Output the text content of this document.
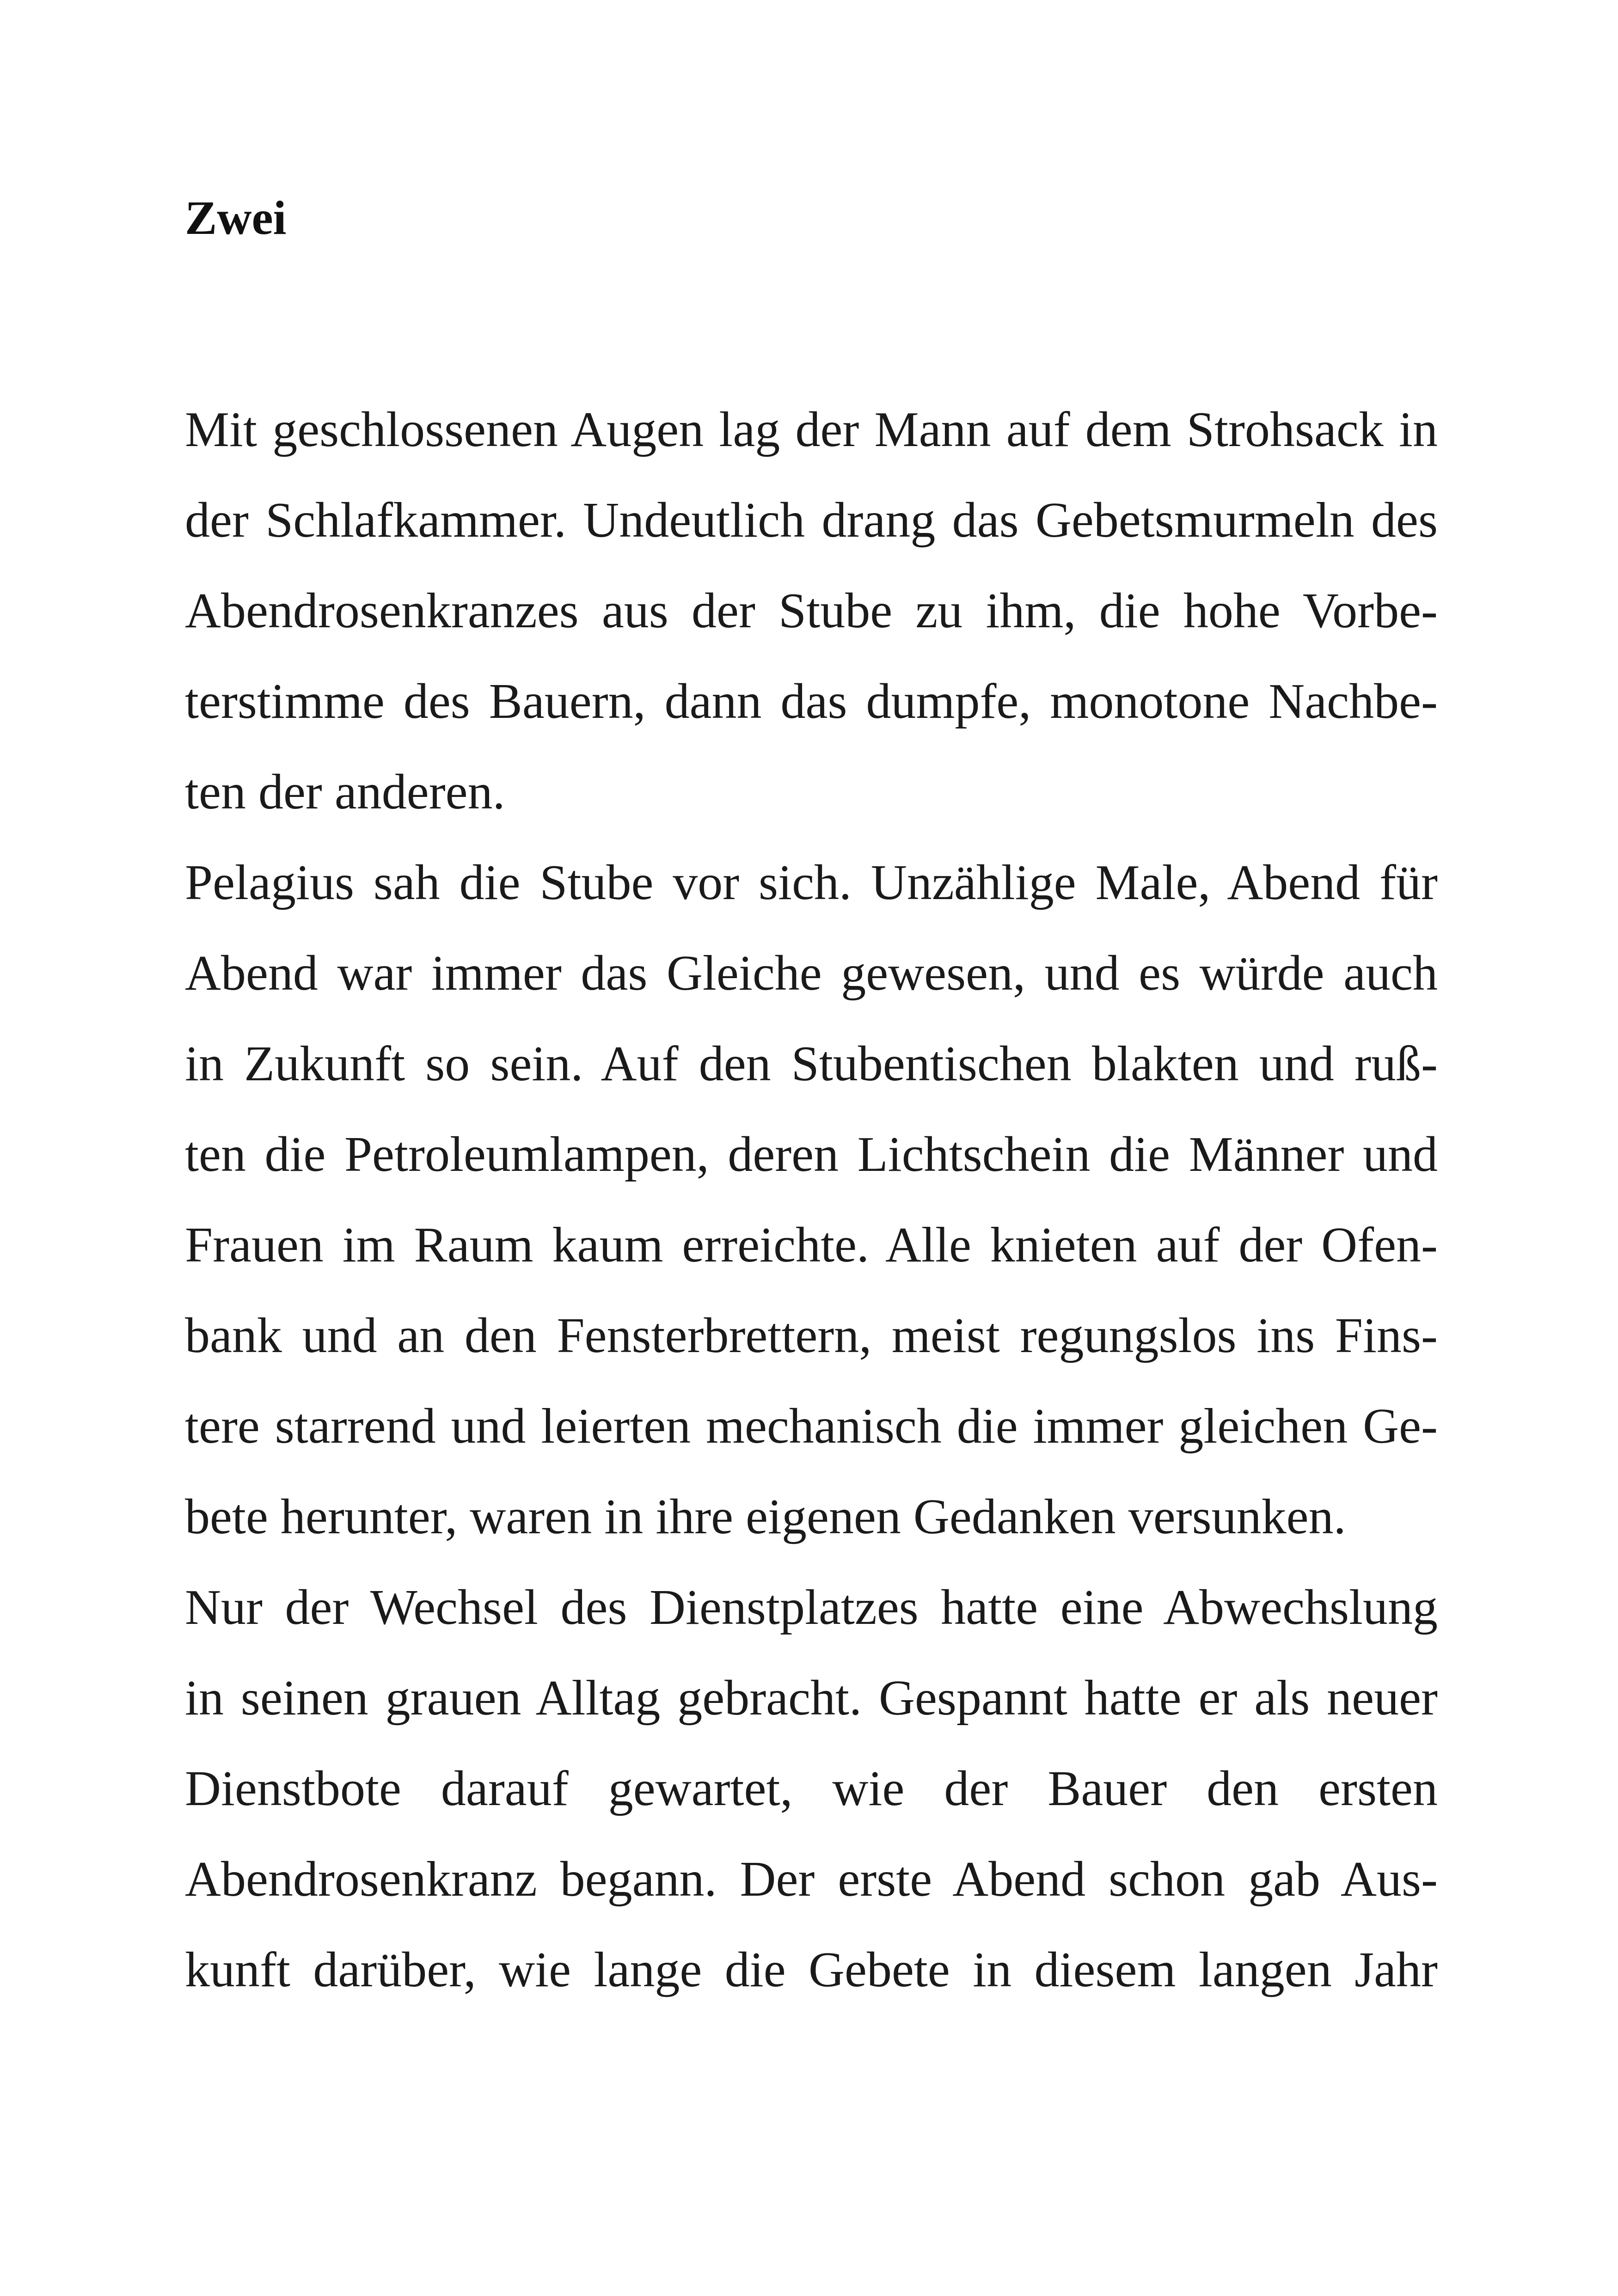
Zwei
Mit geschlossenen Augen lag der Mann auf dem Strohsack in
der Schlafkammer. Undeutlich drang das Gebetsmurmeln des
Abendrosenkranzes aus der Stube zu ihm, die hohe Vorbe-
terstimme des Bauern, dann das dumpfe, monotone Nachbe-
ten der anderen.
Pelagius sah die Stube vor sich. Unzählige Male, Abend für
Abend war immer das Gleiche gewesen, und es würde auch
in Zukunft so sein. Auf den Stubentischen blakten und ruß-
ten die Petroleumlampen, deren Lichtschein die Männer und
Frauen im Raum kaum erreichte. Alle knieten auf der Ofen-
bank und an den Fensterbrettern, meist regungslos ins Fins-
tere starrend und leierten mechanisch die immer gleichen Ge-
bete herunter, waren in ihre eigenen Gedanken versunken.
Nur der Wechsel des Dienstplatzes hatte eine Abwechslung
in seinen grauen Alltag gebracht. Gespannt hatte er als neuer
Dienstbote darauf gewartet, wie der Bauer den ersten
Abendrosenkranz begann. Der erste Abend schon gab Aus-
kunft darüber, wie lange die Gebete in diesem langen Jahr
